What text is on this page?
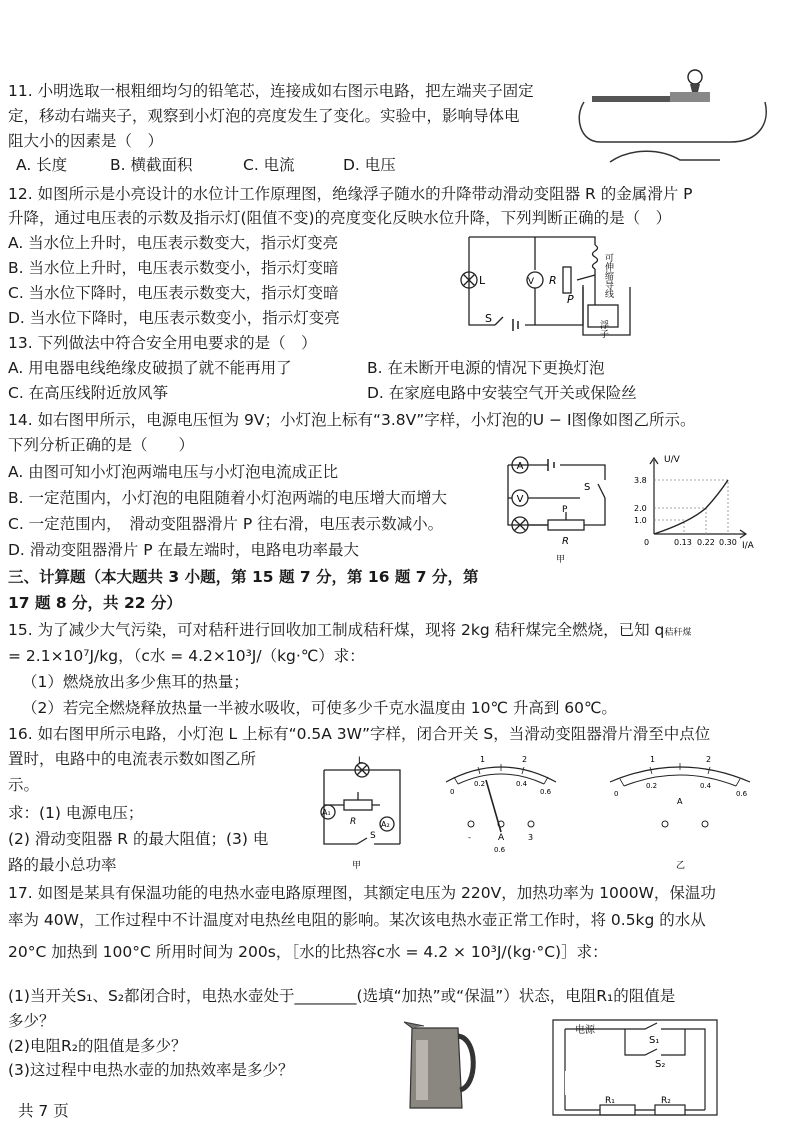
11. 小明选取一根粗细均匀的铅笔芯，连接成如右图示电路，把左端夹子固定
定，移动右端夹子，观察到小灯泡的亮度发生了变化。实验中，影响导体电
阻大小的因素是（　）
A. 长度	B. 横截面积	C. 电流	D. 电压
12. 如图所示是小亮设计的水位计工作原理图，绝缘浮子随水的升降带动滑动变阻器 R 的金属滑片 P
升降，通过电压表的示数及指示灯(阻值不变)的亮度变化反映水位升降，下列判断正确的是（　）
A. 当水位上升时，电压表示数变大，指示灯变亮
B. 当水位上升时，电压表示数变小，指示灯变暗
C. 当水位下降时，电压表示数变大，指示灯变暗
D. 当水位下降时，电压表示数变小，指示灯变亮
L	R
P
S
V	可伸缩导线
浮子
13. 下列做法中符合安全用电要求的是（　）
A. 用电器电线绝缘皮破损了就不能再用了	B. 在未断开电源的情况下更换灯泡
C. 在高压线附近放风筝	D. 在家庭电路中安装空气开关或保险丝
14. 如右图甲所示，电源电压恒为 9V；小灯泡上标有“3.8V”字样，小灯泡的U − I图像如图乙所示。
下列分析正确的是（　　）
A. 由图可知小灯泡两端电压与小灯泡电流成正比
B. 一定范围内，小灯泡的电阻随着小灯泡两端的电压增大而增大
C. 一定范围内，　滑动变阻器滑片 P 往右滑，电压表示数减小。
D. 滑动变阻器滑片 P 在最左端时，电路电功率最大
A
V
S
P
R
甲
U/V
I/A
3.8
2.0
1.0
0	0.13 0.22 0.30
三、计算题（本大题共 3 小题，第 15 题 7 分，第 16 题 7 分，第
17 题 8 分，共 22 分）
15. 为了减少大气污染，可对秸秆进行回收加工制成秸秆煤，现将 2kg 秸秆煤完全燃烧，已知 q秸秆煤
= 2.1×10⁷J/kg，（c水 = 4.2×10³J/（kg·℃）求：
（1）燃烧放出多少焦耳的热量；
（2）若完全燃烧释放热量一半被水吸收，可使多少千克水温度由 10℃ 升高到 60℃。
16. 如右图甲所示电路，小灯泡 L 上标有“0.5A 3W”字样，闭合开关 S，当滑动变阻器滑片滑至中点位
置时，电路中的电流表示数如图乙所
示。
求：(1) 电源电压；
(2) 滑动变阻器 R 的最大阻值；(3) 电
路的最小总功率
L
R
A₁
A₂
S
甲
1	2
0
0.2	0.4
0.6
A
-
0.6
3
1	2
0
0.2	0.4
0.6
A
乙
17. 如图是某具有保温功能的电热水壶电路原理图，其额定电压为 220V，加热功率为 1000W，保温功
率为 40W，工作过程中不计温度对电热丝电阻的影响。某次该电热水壶正常工作时，将 0.5kg 的水从
20°C 加热到 100°C 所用时间为 200s，［水的比热容c水 = 4.2 × 10³J/(kg·°C)］求：
(1)当开关S₁、S₂都闭合时，电热水壶处于________(选填“加热”或“保温”）状态，电阻R₁的阻值是
多少？
(2)电阻R₂的阻值是多少？
(3)这过程中电热水壶的加热效率是多少？
电源
S₁
S₂
R₁	R₂
共 7 页
